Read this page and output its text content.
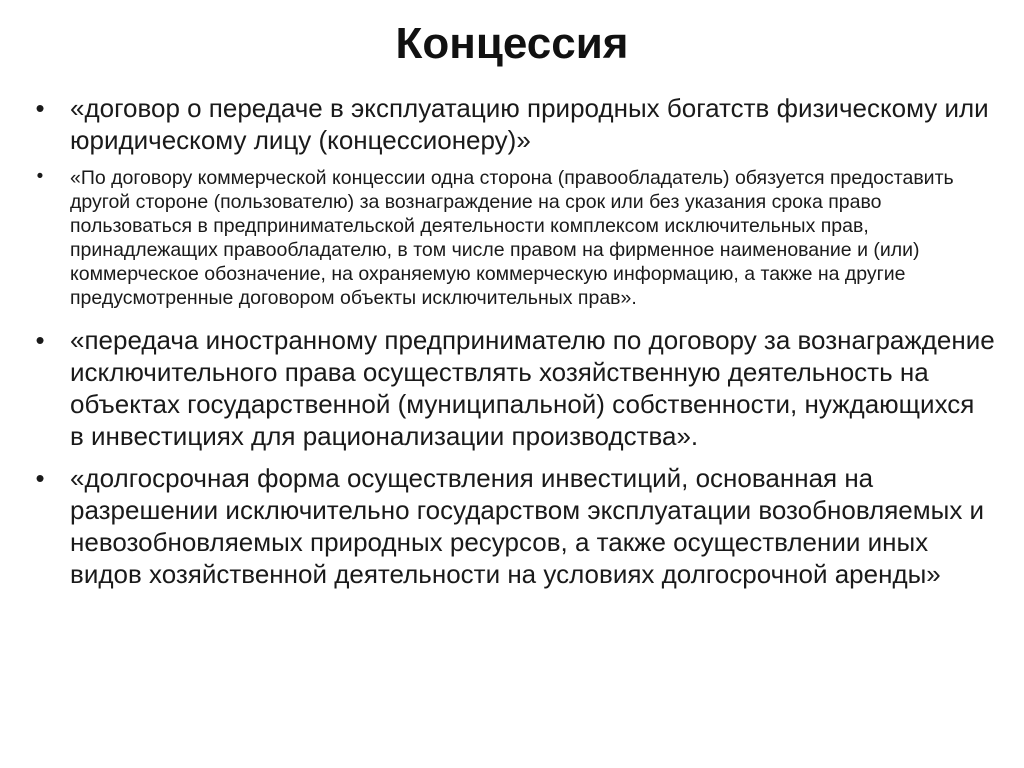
Концессия
• «договор о передаче в эксплуатацию природных богатств физическому или юридическому лицу (концессионеру)»
•	«По договору коммерческой концессии одна сторона (правообладатель) обязуется предоставить другой стороне (пользователю) за вознаграждение на срок или без указания срока право пользоваться в предпринимательской деятельности комплексом исключительных прав, принадлежащих правообладателю, в том числе правом на фирменное наименование и (или) коммерческое обозначение, на охраняемую коммерческую информацию, а также на другие предусмотренные договором объекты исключительных прав».
• «передача иностранному предпринимателю по договору за вознаграждение исключительного права осуществлять хозяйственную деятельность на объектах государственной (муниципальной) собственности, нуждающихся в инвестициях для рационализации производства».
• «долгосрочная форма осуществления инвестиций, основанная на разрешении исключительно государством эксплуатации возобновляемых и невозобновляемых природных ресурсов, а также осуществлении иных видов хозяйственной деятельности на условиях долгосрочной аренды»
